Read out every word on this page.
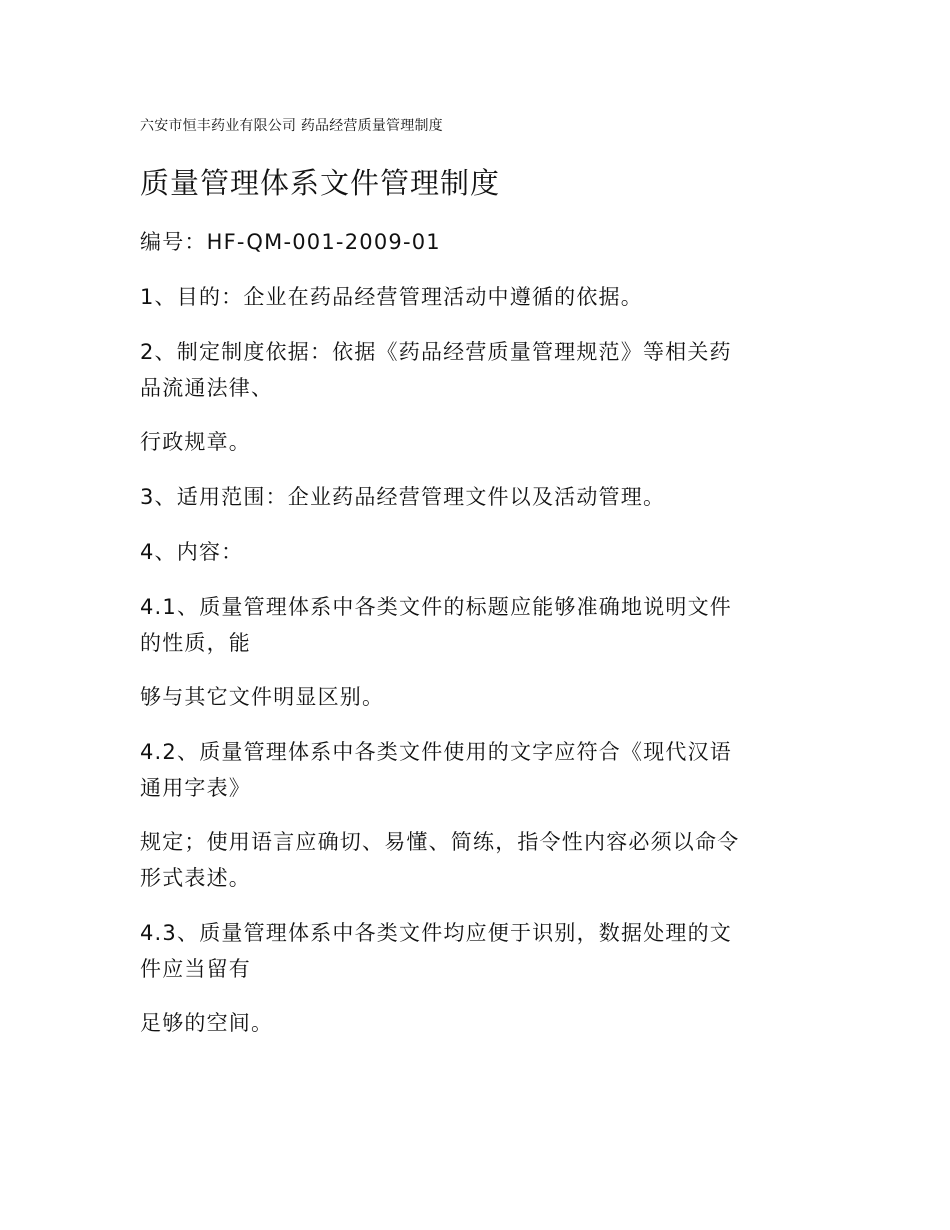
六安市恒丰药业有限公司 药品经营质量管理制度
质量管理体系文件管理制度
编号：HF-QM-001-2009-01
1、目的：企业在药品经营管理活动中遵循的依据。
2、制定制度依据：依据《药品经营质量管理规范》等相关药
品流通法律、
行政规章。
3、适用范围：企业药品经营管理文件以及活动管理。
4、内容：
4.1、质量管理体系中各类文件的标题应能够准确地说明文件
的性质，能
够与其它文件明显区别。
4.2、质量管理体系中各类文件使用的文字应符合《现代汉语
通用字表》
规定；使用语言应确切、易懂、简练，指令性内容必须以命令
形式表述。
4.3、质量管理体系中各类文件均应便于识别，数据处理的文
件应当留有
足够的空间。
